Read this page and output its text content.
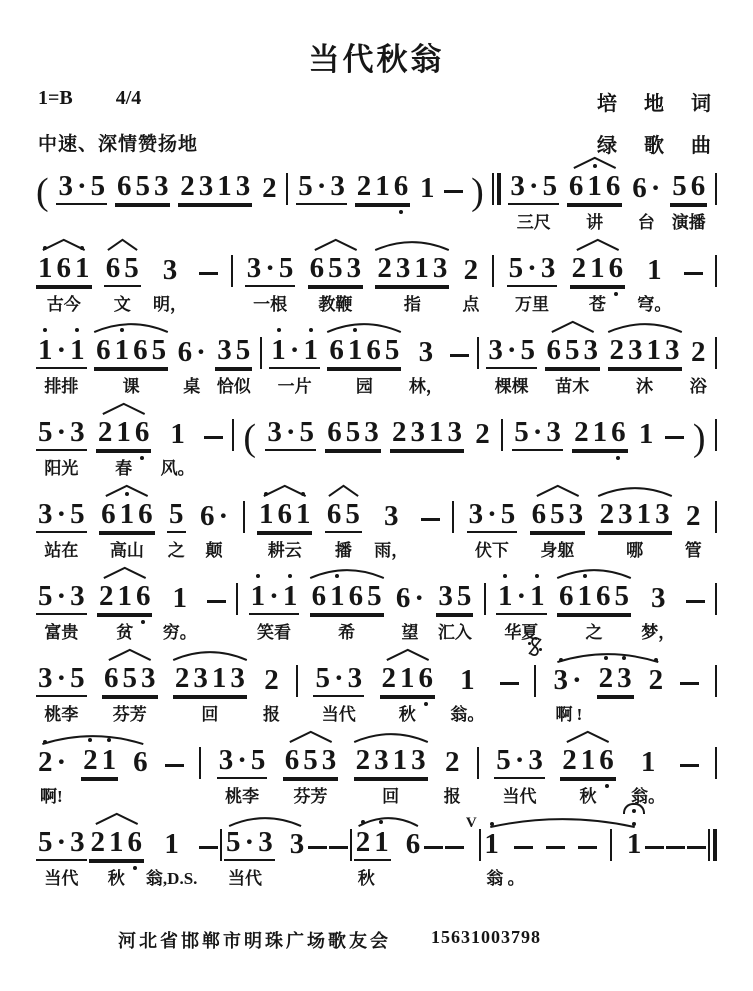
当代秋翁
1=B 4/4	培 地 词
中速、深情赞扬地	绿 歌 曲
( 3 · 5 6 5 3 2 3 1 3 2 5 · 3 2 1 6 1 ) 3 · 5
三尺
6 1 6
讲
6 ·
台
5 6
演播
1 6 1
古今
6 5
文
3
明，
3 · 5
一根
6 5 3
教鞭
2 3 1 3
指
2
点
5 · 3
万里
2 1 6
苍
1
穹。
1 · 1
排排
6 1 6 5
课
6 ·
桌
3 5
恰似
1 · 1
一片
6 1 6 5
园
3
林，
3 · 5
棵棵
6 5 3
苗木
2 3 1 3
沐
2
浴
5 · 3
阳光
2 1 6
春
1
风。
( 3 · 5 6 5 3 2 3 1 3 2 5 · 3 2 1 6 1 )
3 · 5
站在
6 1 6
高山
5
之
6 ·
颠
1 6 1
耕云
6 5
播
3
雨，
3 · 5
伏下
6 5 3
身躯
2 3 1 3
哪
2
管
5 · 3
富贵
2 1 6
贫
1
穷。
1 · 1
笑看
6 1 6 5
希
6 ·
望
3 5
汇入
1 · 1
华夏
6 1 6 5
之
3
梦，
3 · 5
桃李
6 5 3
芬芳
2 3 1 3
回
2
报
5 · 3
当代
2 1 6
秋
1
翁。
3 · 2 3 2
啊 !
2 · 2 1 6
啊!
3 · 5
桃李
6 5 3
芬芳
2 3 1 3
回
2
报
5 · 3
当代
2 1 6
秋
1
翁。
5 · 3
当代
2 1 6
秋
1
翁,D.S.
5 · 3 3
当代
2 1 6
秋
V
1	1
翁 。
河北省邯郸市明珠广场歌友会 15631003798
